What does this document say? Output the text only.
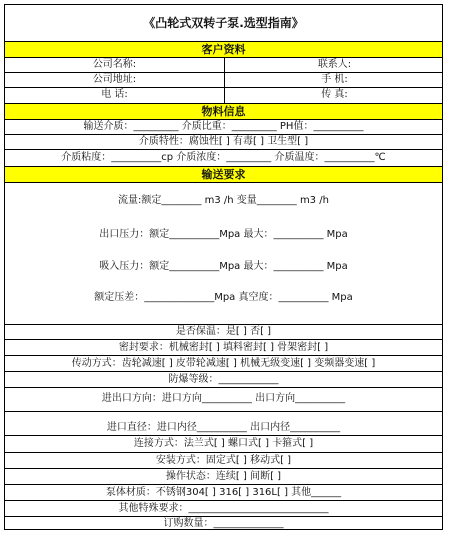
《凸轮式双转子泵.选型指南》
客户资料
公司名称:	联系人:
公司地址:	手 机:
电 话:	传 真:
物料信息
输送介质：_________ 介质比重：_________ PH值：__________
介质特性：腐蚀性[ ] 有毒[ ] 卫生型[ ]
介质粘度：__________cp 介质浓度：_________ 介质温度：__________℃
输送要求
流量:额定________ m3 /h 变量________ m3 /h
出口压力：额定__________Mpa 最大：__________ Mpa
吸入压力：额定__________Mpa 最大：__________ Mpa
额定压差：______________Mpa 真空度：__________ Mpa
是否保温：是[ ] 否[ ]
密封要求：机械密封[ ] 填料密封[ ] 骨架密封[ ]
传动方式：齿轮减速[ ] 皮带轮减速[ ] 机械无级变速[ ] 变频器变速[ ]
防爆等级：____________
进出口方向：进口方向__________ 出口方向__________
进口直径：进口内径__________ 出口内径__________
连接方式：法兰式[ ] 螺口式[ ] 卡箍式[ ]
安装方式：固定式[ ] 移动式[ ]
操作状态：连续[ ] 间断[ ]
泵体材质：不锈钢304[ ] 316[ ] 316L[ ] 其他______
其他特殊要求：____________________________
订购数量：______________
